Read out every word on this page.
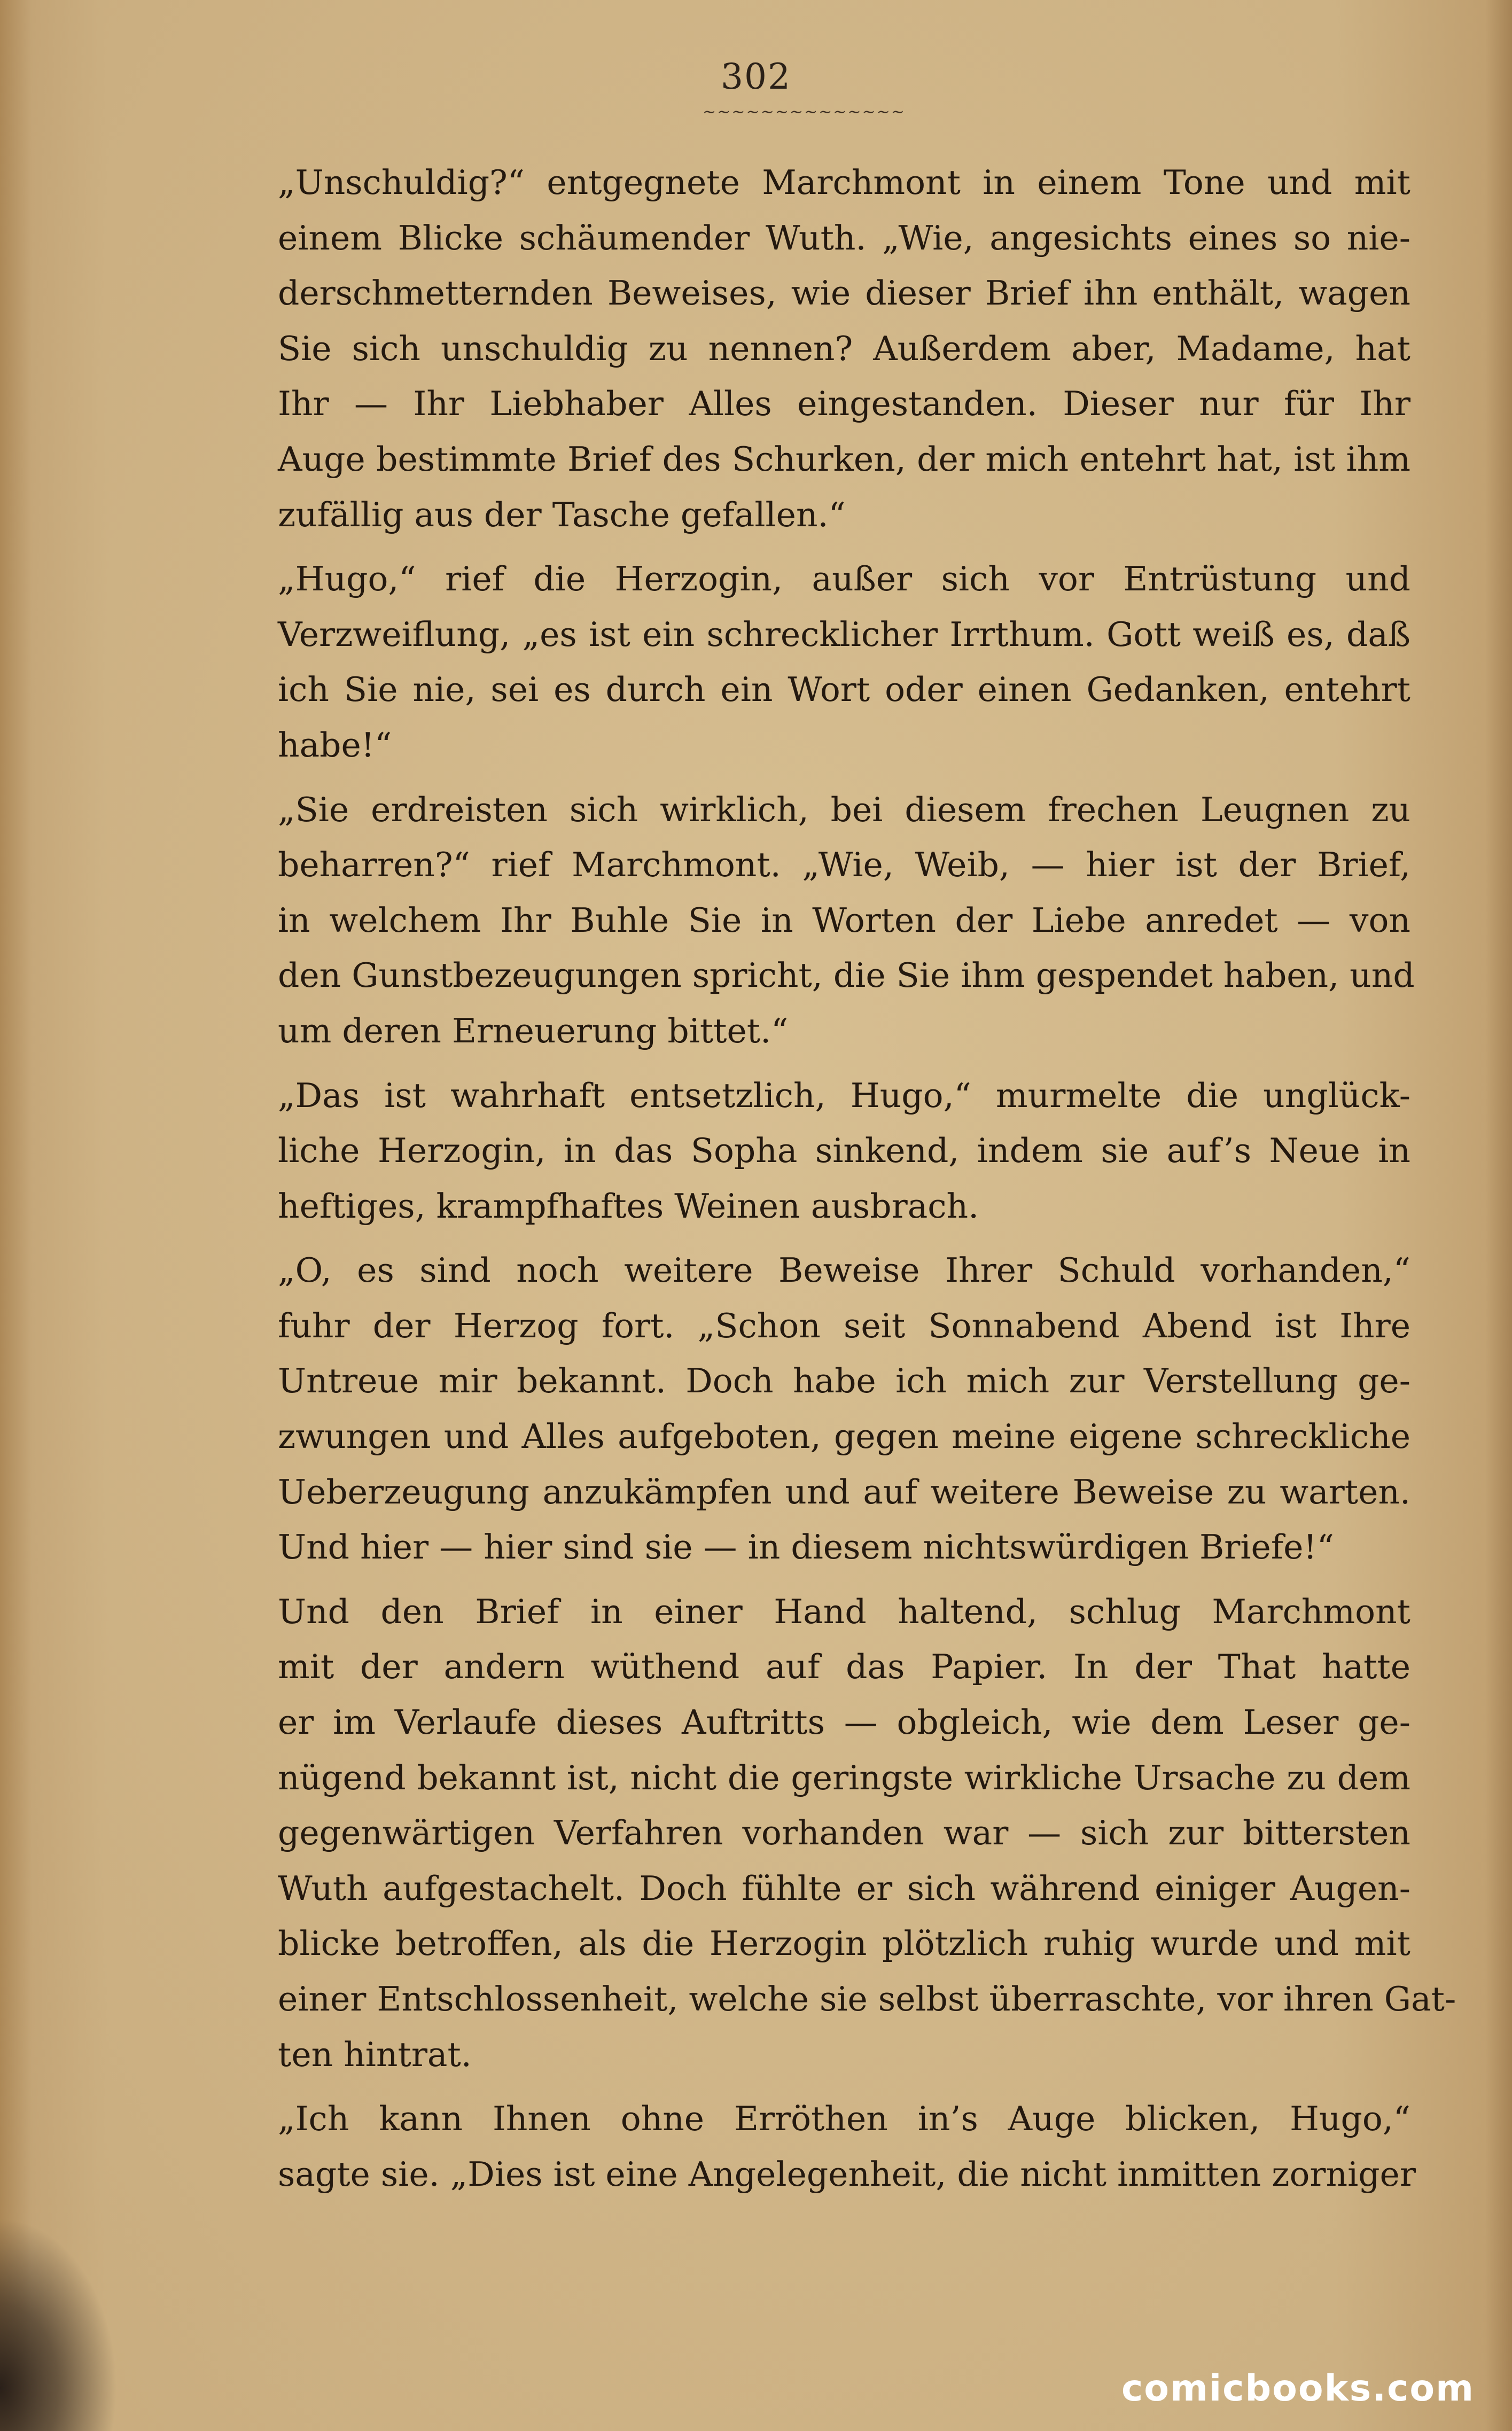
302
~~~~~~~~~~~~~~
„Unschuldig?“ entgegnete Marchmont in einem Tone und mit
einem Blicke schäumender Wuth. „Wie, angesichts eines so nie-
derschmetternden Beweises, wie dieser Brief ihn enthält, wagen
Sie sich unschuldig zu nennen? Außerdem aber, Madame, hat
Ihr — Ihr Liebhaber Alles eingestanden. Dieser nur für Ihr
Auge bestimmte Brief des Schurken, der mich entehrt hat, ist ihm
zufällig aus der Tasche gefallen.“
„Hugo,“ rief die Herzogin, außer sich vor Entrüstung und
Verzweiflung, „es ist ein schrecklicher Irrthum. Gott weiß es, daß
ich Sie nie, sei es durch ein Wort oder einen Gedanken, entehrt
habe!“
„Sie erdreisten sich wirklich, bei diesem frechen Leugnen zu
beharren?“ rief Marchmont. „Wie, Weib, — hier ist der Brief,
in welchem Ihr Buhle Sie in Worten der Liebe anredet — von
den Gunstbezeugungen spricht, die Sie ihm gespendet haben, und
um deren Erneuerung bittet.“
„Das ist wahrhaft entsetzlich, Hugo,“ murmelte die unglück-
liche Herzogin, in das Sopha sinkend, indem sie auf’s Neue in
heftiges, krampfhaftes Weinen ausbrach.
„O, es sind noch weitere Beweise Ihrer Schuld vorhanden,“
fuhr der Herzog fort. „Schon seit Sonnabend Abend ist Ihre
Untreue mir bekannt. Doch habe ich mich zur Verstellung ge-
zwungen und Alles aufgeboten, gegen meine eigene schreckliche
Ueberzeugung anzukämpfen und auf weitere Beweise zu warten.
Und hier — hier sind sie — in diesem nichtswürdigen Briefe!“
Und den Brief in einer Hand haltend, schlug Marchmont
mit der andern wüthend auf das Papier. In der That hatte
er im Verlaufe dieses Auftritts — obgleich, wie dem Leser ge-
nügend bekannt ist, nicht die geringste wirkliche Ursache zu dem
gegenwärtigen Verfahren vorhanden war — sich zur bittersten
Wuth aufgestachelt. Doch fühlte er sich während einiger Augen-
blicke betroffen, als die Herzogin plötzlich ruhig wurde und mit
einer Entschlossenheit, welche sie selbst überraschte, vor ihren Gat-
ten hintrat.
„Ich kann Ihnen ohne Erröthen in’s Auge blicken, Hugo,“
sagte sie. „Dies ist eine Angelegenheit, die nicht inmitten zorniger
comicbooks.com
